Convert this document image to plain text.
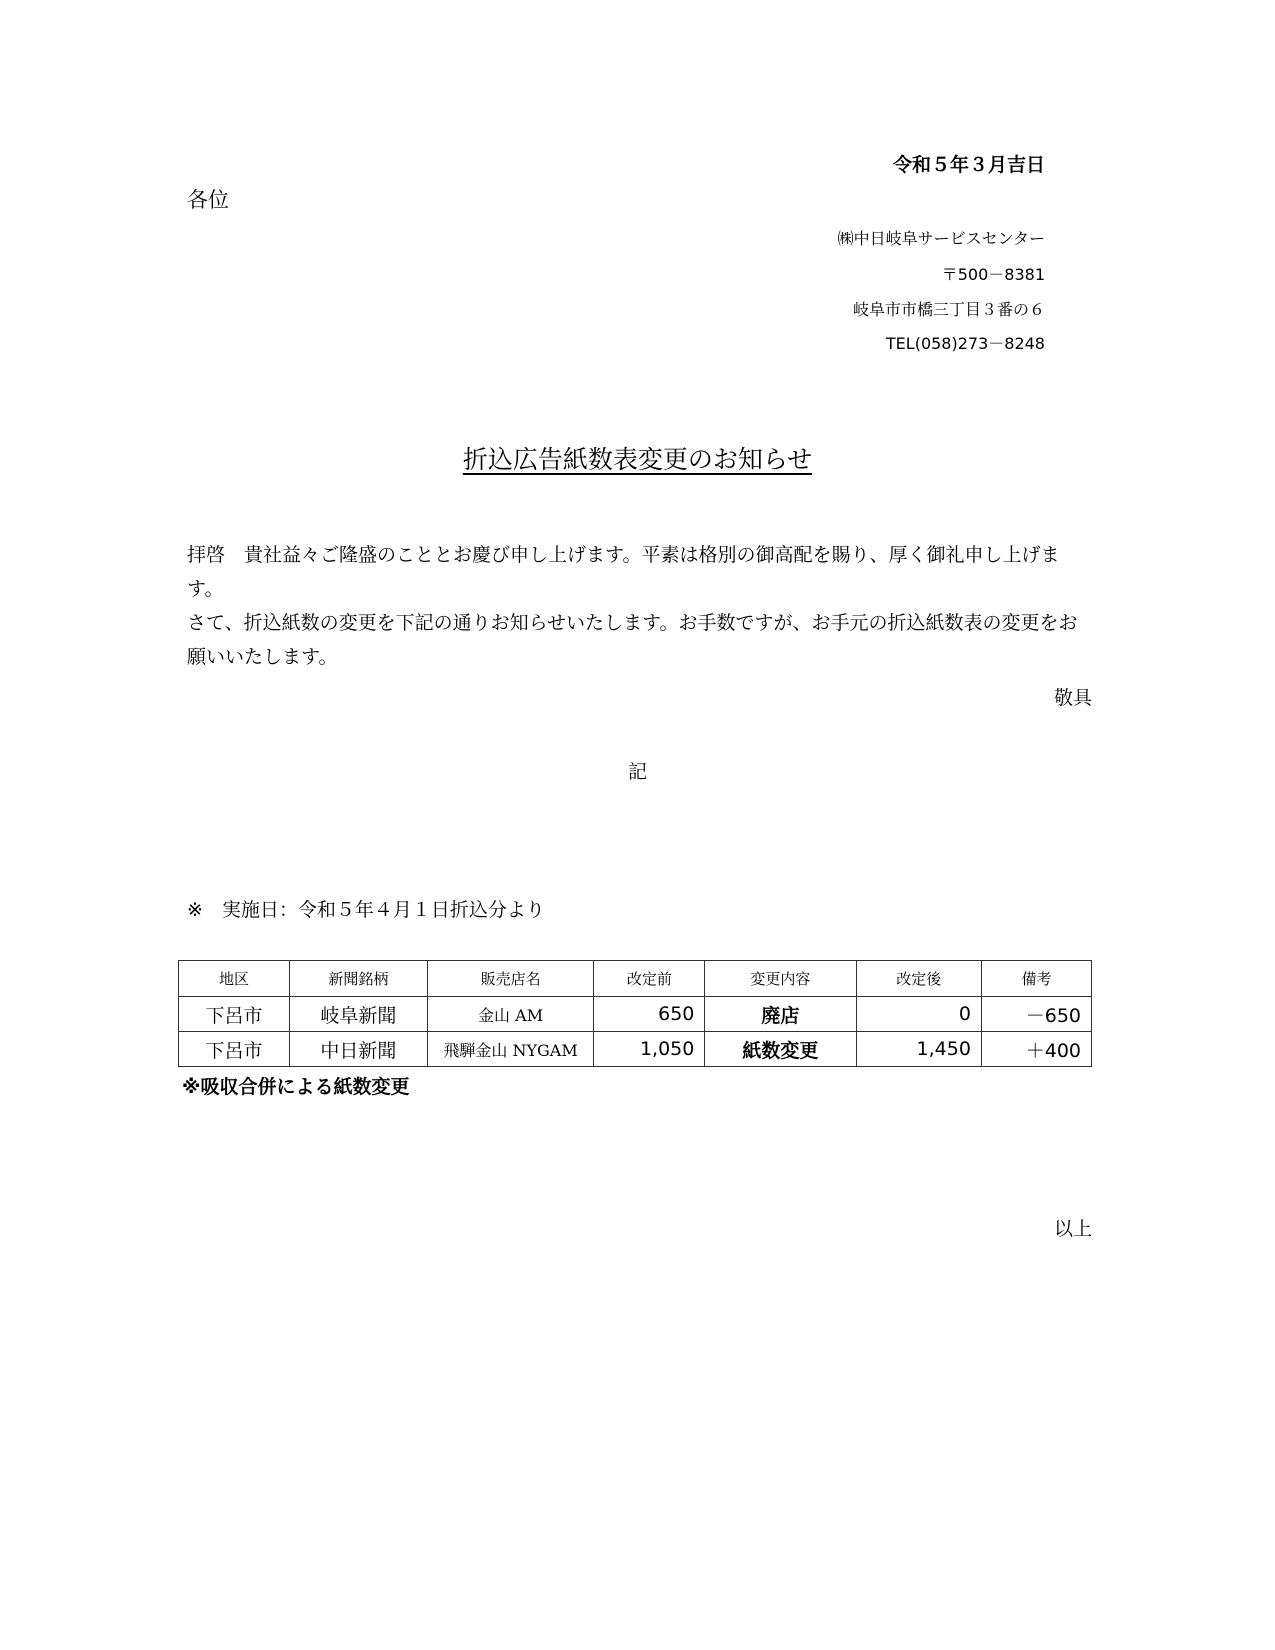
令和５年３月吉日
各位
㈱中日岐阜サービスセンター
〒500－8381
岐阜市市橋三丁目３番の６
TEL(058)273－8248
折込広告紙数表変更のお知らせ

拝啓　貴社益々ご隆盛のこととお慶び申し上げます。平素は格別の御高配を賜り、厚く御礼申し上げます。

さて、折込紙数の変更を下記の通りお知らせいたします。お手数ですが、お手元の折込紙数表の変更をお願いいたします。

敬具
記
※　実施日：令和５年４月１日折込分より
地区	新聞銘柄	販売店名	改定前	変更内容	改定後	備考
下呂市	岐阜新聞	金山 AM	650	廃店	0	－650
下呂市	中日新聞	飛騨金山 NYGAM	1,050	紙数変更	1,450	＋400
※吸収合併による紙数変更
以上
